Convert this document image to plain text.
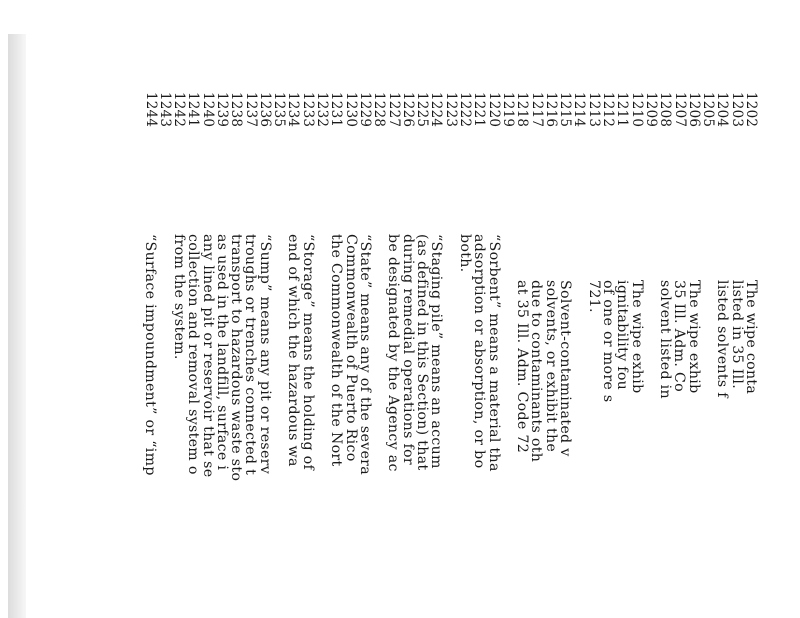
1202
1203
1204
1205
1206
1207
1208
1209
1210
1211
1212
1213
1214
1215
1216
1217
1218
1219
1220
1221
1222
1223
1224
1225
1226
1227
1228
1229
1230
1231
1232
1233
1234
1235
1236
1237
1238
1239
1240
1241
1242
1243
1244
The wipe conta
listed in 35 Ill.
listed solvents f
The wipe exhib
35 Ill. Adm. Co
solvent listed in
The wipe exhib
ignitability fou
of one or more s
721.
Solvent-contaminated v
solvents, or exhibit the
due to contaminants oth
at 35 Ill. Adm. Code 72
“Sorbent” means a material tha
adsorption or absorption, or bo
both.
“Staging pile” means an accum
(as defined in this Section) that
during remedial operations for
be designated by the Agency ac
“State” means any of the severa
Commonwealth of Puerto Rico
the Commonwealth of the Nort
“Storage” means the holding of
end of which the hazardous wa
“Sump” means any pit or reserv
troughs or trenches connected t
transport to hazardous waste sto
as used in the landfill, surface i
any lined pit or reservoir that se
collection and removal system o
from the system.
“Surface impoundment” or “imp
